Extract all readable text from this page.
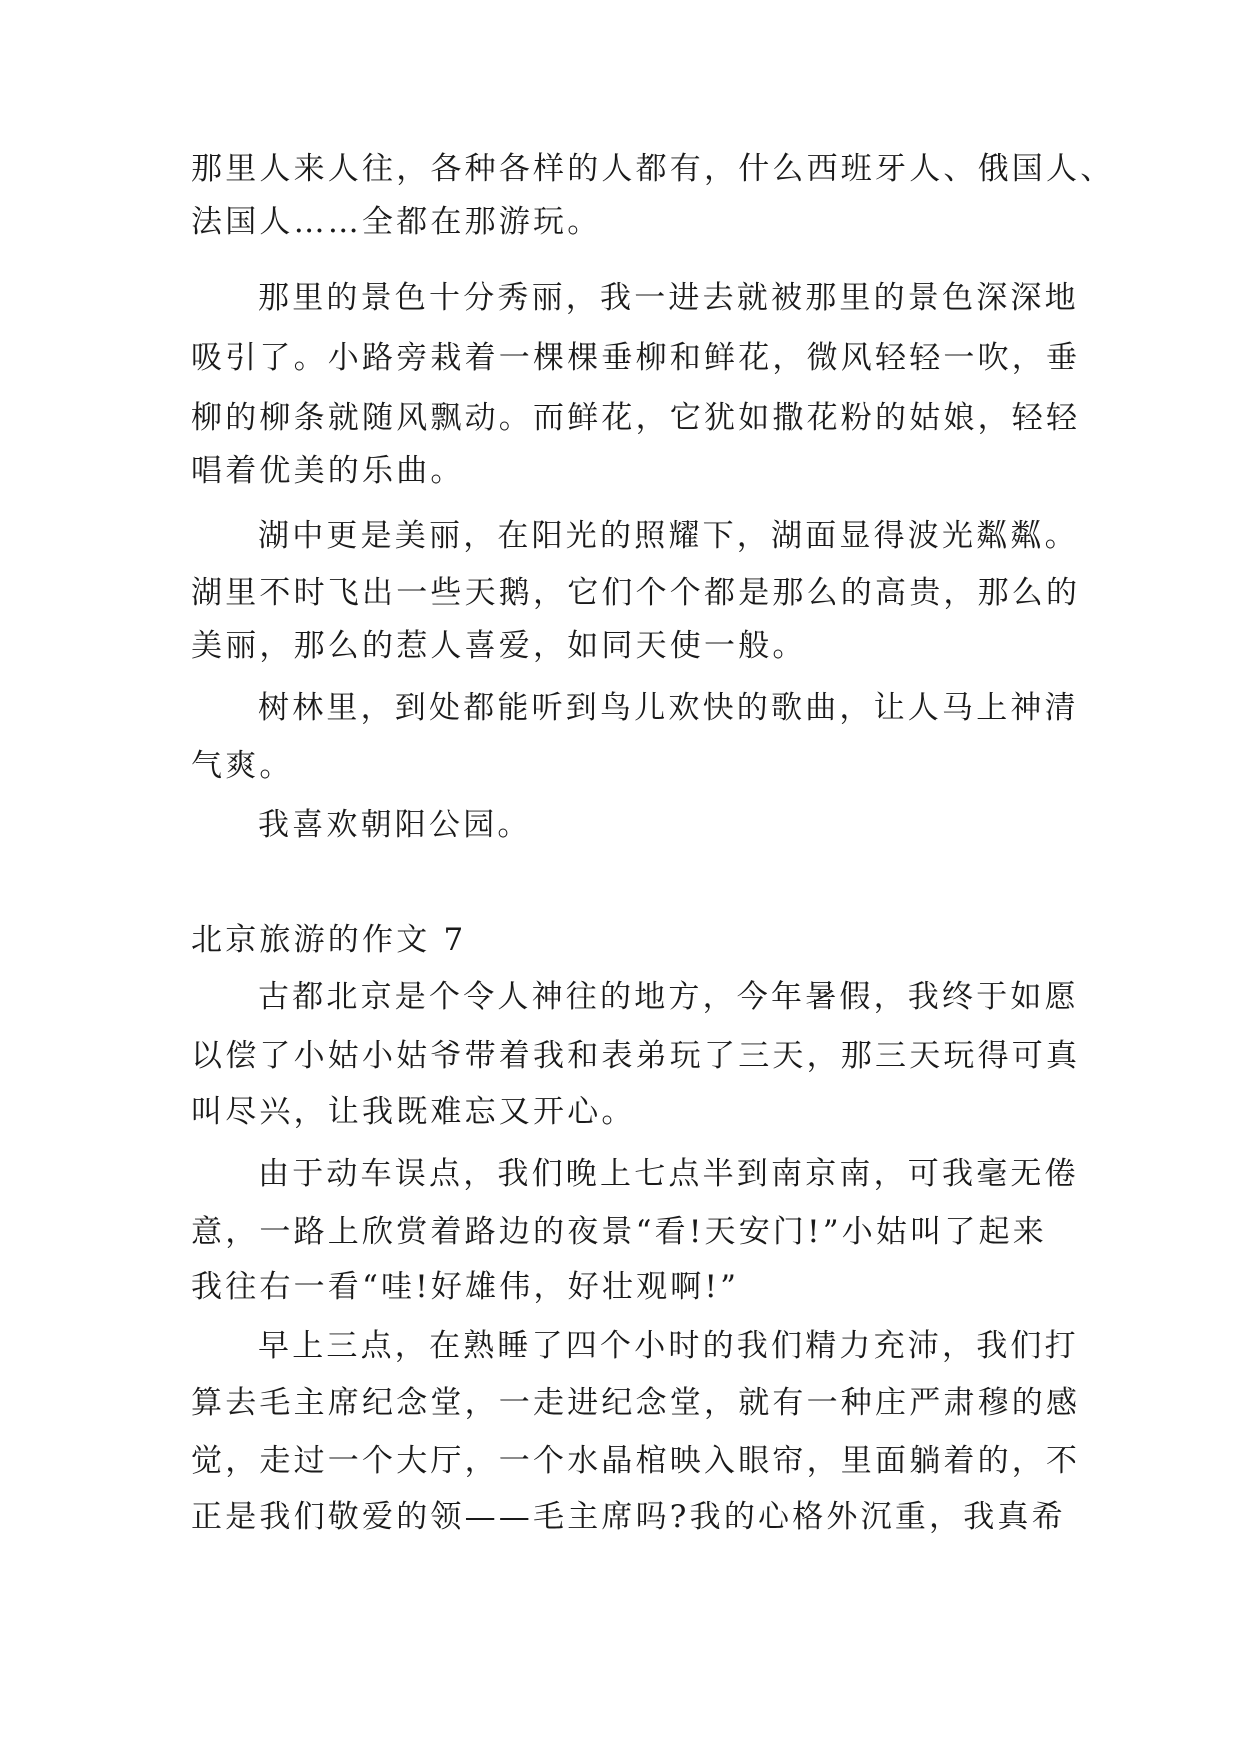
那里人来人往，各种各样的人都有，什么西班牙人、俄国人、
法国人……全都在那游玩。
那里的景色十分秀丽，我一进去就被那里的景色深深地
吸引了。小路旁栽着一棵棵垂柳和鲜花，微风轻轻一吹，垂
柳的柳条就随风飘动。而鲜花，它犹如撒花粉的姑娘，轻轻
唱着优美的乐曲。
湖中更是美丽，在阳光的照耀下，湖面显得波光粼粼。
湖里不时飞出一些天鹅，它们个个都是那么的高贵，那么的
美丽，那么的惹人喜爱，如同天使一般。
树林里，到处都能听到鸟儿欢快的歌曲，让人马上神清
气爽。
我喜欢朝阳公园。
北京旅游的作文 7
古都北京是个令人神往的地方，今年暑假，我终于如愿
以偿了小姑小姑爷带着我和表弟玩了三天，那三天玩得可真
叫尽兴，让我既难忘又开心。
由于动车误点，我们晚上七点半到南京南，可我毫无倦
意，一路上欣赏着路边的夜景“看!天安门!”小姑叫了起来
我往右一看“哇!好雄伟，好壮观啊!”
早上三点，在熟睡了四个小时的我们精力充沛，我们打
算去毛主席纪念堂，一走进纪念堂，就有一种庄严肃穆的感
觉，走过一个大厅，一个水晶棺映入眼帘，里面躺着的，不
正是我们敬爱的领——毛主席吗?我的心格外沉重，我真希
